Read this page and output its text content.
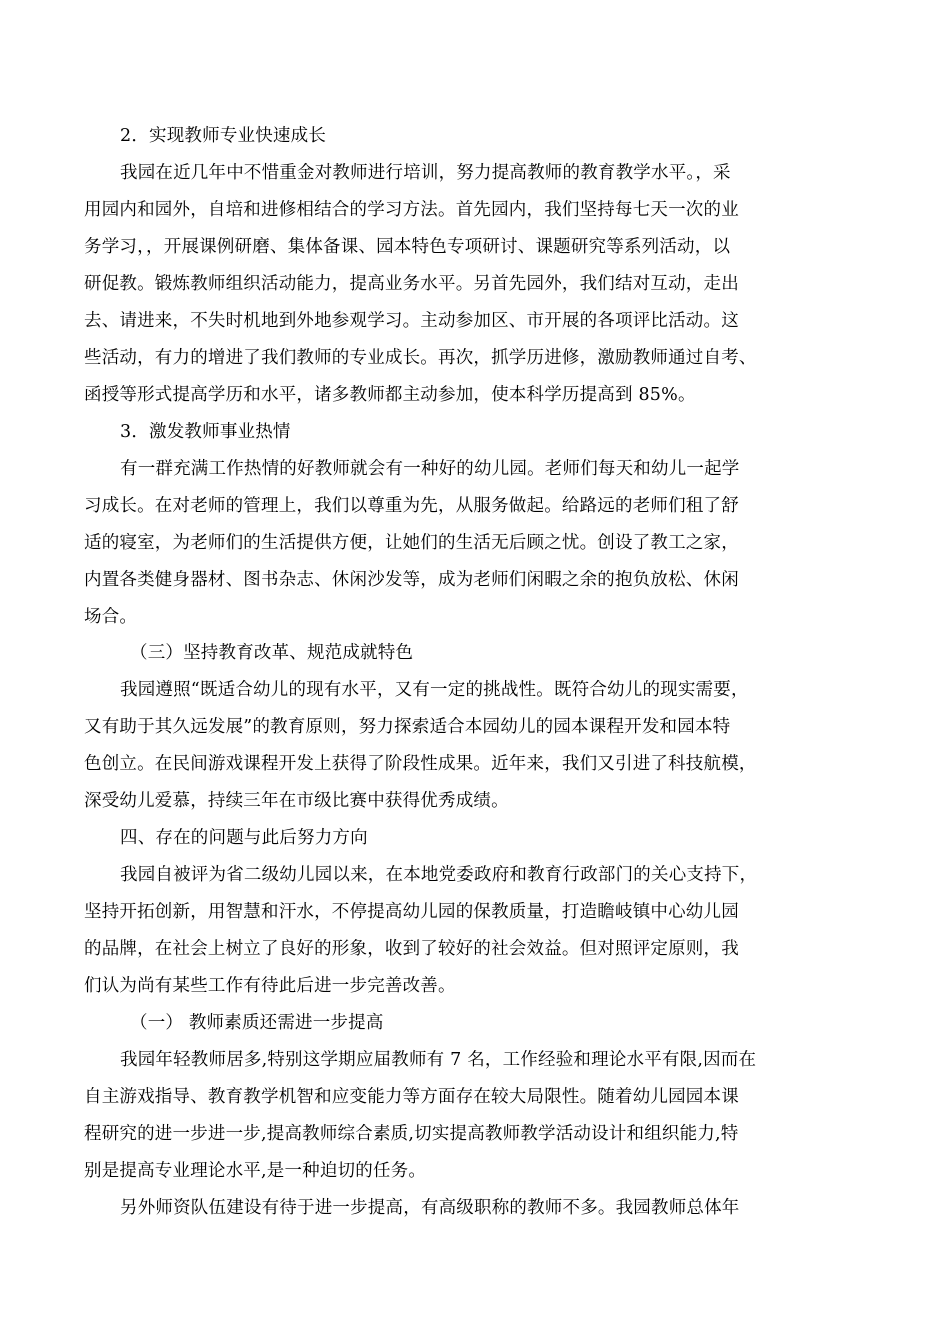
2．实现教师专业快速成长
我园在近几年中不惜重金对教师进行培训，努力提高教师的教育教学水平。，采
用园内和园外，自培和进修相结合的学习方法。首先园内，我们坚持每七天一次的业
务学习，，开展课例研磨、集体备课、园本特色专项研讨、课题研究等系列活动，以
研促教。锻炼教师组织活动能力，提高业务水平。另首先园外，我们结对互动，走出
去、请进来，不失时机地到外地参观学习。主动参加区、市开展的各项评比活动。这
些活动，有力的增进了我们教师的专业成长。再次，抓学历进修，激励教师通过自考、
函授等形式提高学历和水平，诸多教师都主动参加，使本科学历提高到 85%。
3．激发教师事业热情
有一群充满工作热情的好教师就会有一种好的幼儿园。老师们每天和幼儿一起学
习成长。在对老师的管理上，我们以尊重为先，从服务做起。给路远的老师们租了舒
适的寝室，为老师们的生活提供方便，让她们的生活无后顾之忧。创设了教工之家，
内置各类健身器材、图书杂志、休闲沙发等，成为老师们闲暇之余的抱负放松、休闲
场合。
（三）坚持教育改革、规范成就特色
我园遵照“既适合幼儿的现有水平，又有一定的挑战性。既符合幼儿的现实需要，
又有助于其久远发展”的教育原则，努力探索适合本园幼儿的园本课程开发和园本特
色创立。在民间游戏课程开发上获得了阶段性成果。近年来，我们又引进了科技航模，
深受幼儿爱慕，持续三年在市级比赛中获得优秀成绩。
四、存在的问题与此后努力方向
我园自被评为省二级幼儿园以来，在本地党委政府和教育行政部门的关心支持下，
坚持开拓创新，用智慧和汗水，不停提高幼儿园的保教质量，打造瞻岐镇中心幼儿园
的品牌，在社会上树立了良好的形象，收到了较好的社会效益。但对照评定原则，我
们认为尚有某些工作有待此后进一步完善改善。
（一） 教师素质还需进一步提高
我园年轻教师居多,特别这学期应届教师有 7 名，工作经验和理论水平有限,因而在
自主游戏指导、教育教学机智和应变能力等方面存在较大局限性。随着幼儿园园本课
程研究的进一步进一步,提高教师综合素质,切实提高教师教学活动设计和组织能力,特
别是提高专业理论水平,是一种迫切的任务。
另外师资队伍建设有待于进一步提高，有高级职称的教师不多。我园教师总体年
